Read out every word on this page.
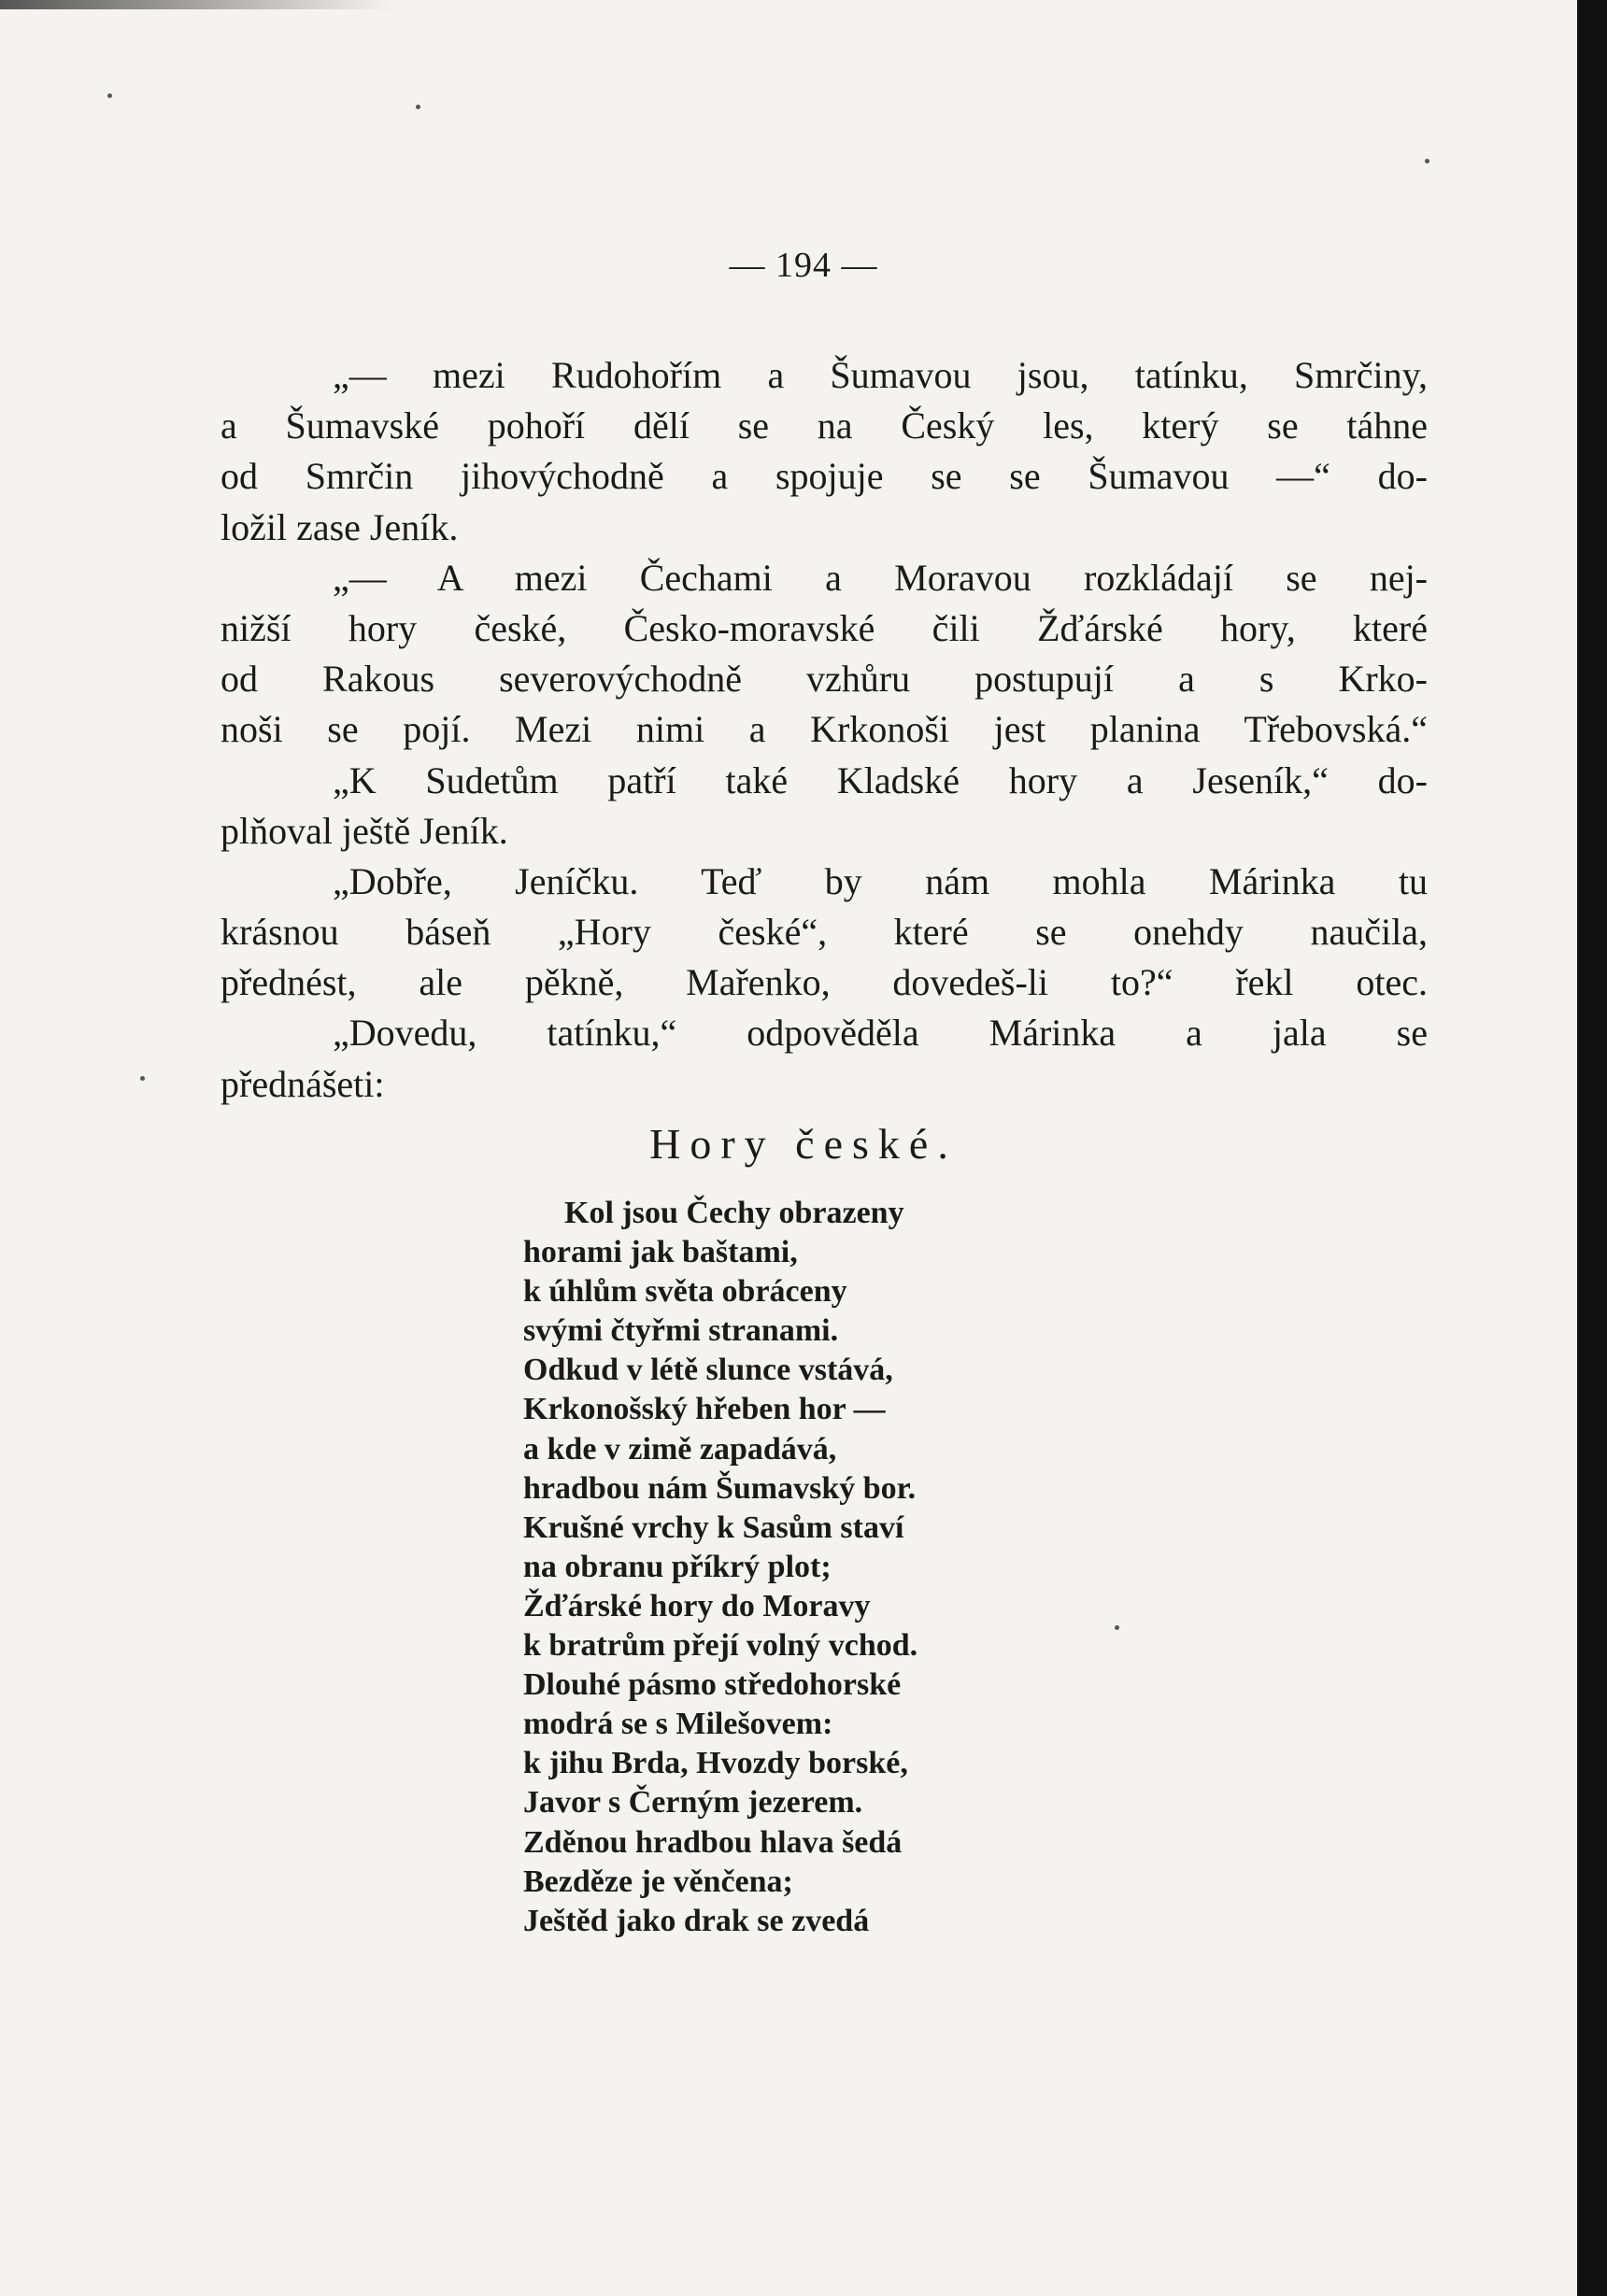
— 194 —
„— mezi Rudohořím a Šumavou jsou, tatínku, Smrčiny,
a Šumavské pohoří dělí se na Český les, který se táhne
od Smrčin jihovýchodně a spojuje se se Šumavou —“ do-
ložil zase Jeník.
„— A mezi Čechami a Moravou rozkládají se nej-
nižší hory české, Česko-moravské čili Žďárské hory, které
od Rakous severovýchodně vzhůru postupují a s Krko-
noši se pojí. Mezi nimi a Krkonoši jest planina Třebovská.“
„K Sudetům patří také Kladské hory a Jeseník,“ do-
plňoval ještě Jeník.
„Dobře, Jeníčku. Teď by nám mohla Márinka tu
krásnou báseň „Hory české“, které se onehdy naučila,
přednést, ale pěkně, Mařenko, dovedeš-li to?“ řekl otec.
„Dovedu, tatínku,“ odpověděla Márinka a jala se
přednášeti:
Hory české.
Kol jsou Čechy obrazeny
horami jak baštami,
k úhlům světa obráceny
svými čtyřmi stranami.
Odkud v létě slunce vstává,
Krkonošský hřeben hor —
a kde v zimě zapadává,
hradbou nám Šumavský bor.
Krušné vrchy k Sasům staví
na obranu příkrý plot;
Žďárské hory do Moravy
k bratrům přejí volný vchod.
Dlouhé pásmo středohorské
modrá se s Milešovem:
k jihu Brda, Hvozdy borské,
Javor s Černým jezerem.
Zděnou hradbou hlava šedá
Bezděze je věnčena;
Ještěd jako drak se zvedá
